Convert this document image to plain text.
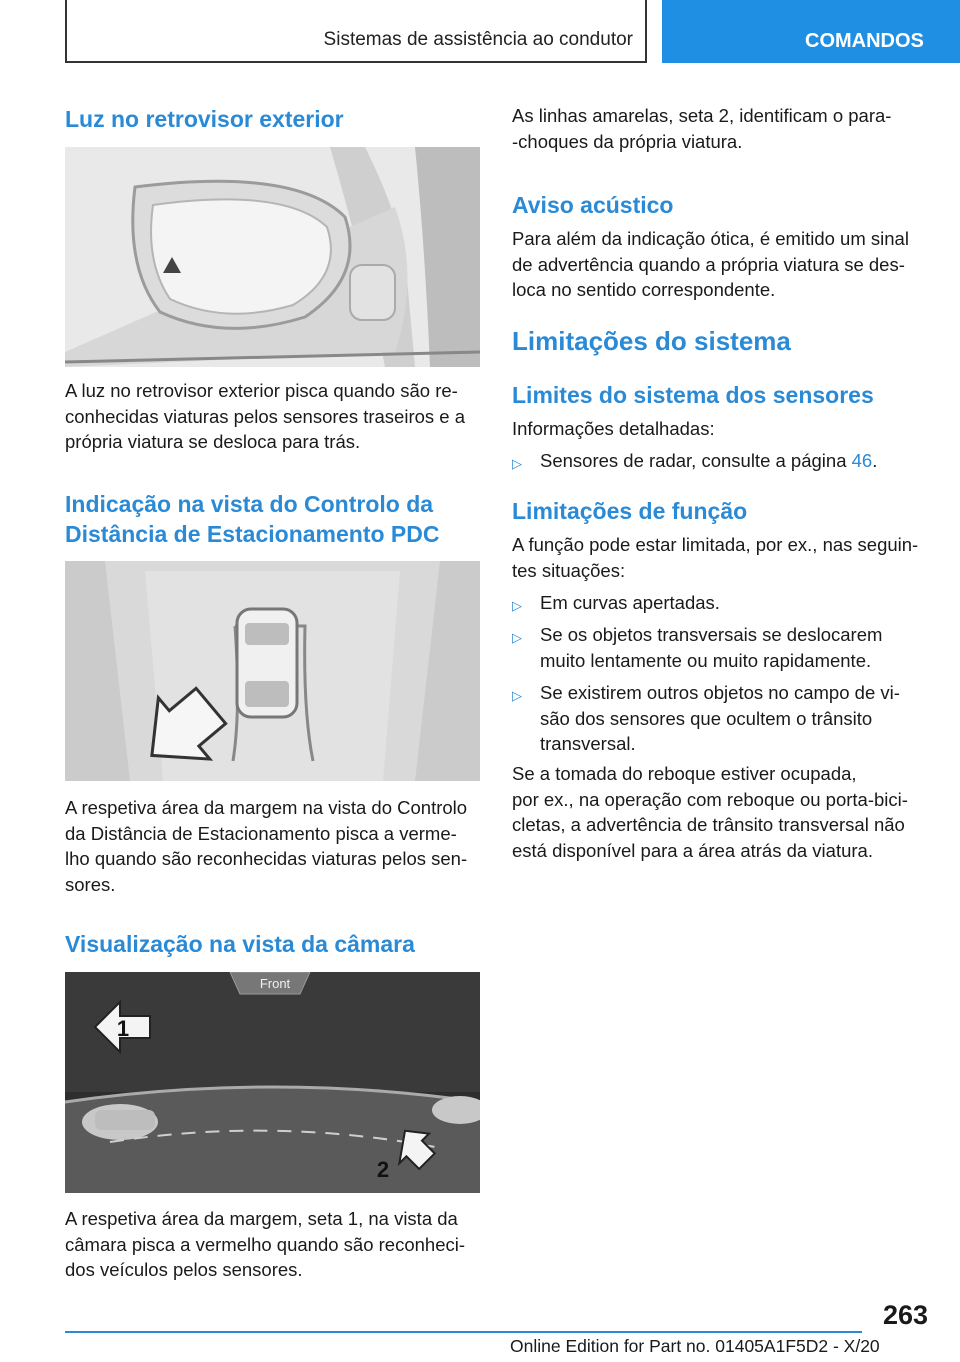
Sistemas de assistência ao condutor	COMANDOS
Luz no retrovisor exterior

A luz no retrovisor exterior pisca quando são re-

conhecidas viaturas pelos sensores traseiros e a

própria viatura se desloca para trás.

Indicação na vista do Controlo da
Distância de Estacionamento PDC

A respetiva área da margem na vista do Controlo

da Distância de Estacionamento pisca a verme-

lho quando são reconhecidas viaturas pelos sen-

sores.

Visualização na vista da câmara
Front
1
2

A respetiva área da margem, seta 1, na vista da

câmara pisca a vermelho quando são reconheci-

dos veículos pelos sensores.

As linhas amarelas, seta 2, identificam o para-

-choques da própria viatura.

Aviso acústico

Para além da indicação ótica, é emitido um sinal

de advertência quando a própria viatura se des-

loca no sentido correspondente.

Limitações do sistema
Limites do sistema dos sensores

Informações detalhadas:

▷ Sensores de radar, consulte a página 46.
Limitações de função

A função pode estar limitada, por ex., nas seguin-

tes situações:

▷ Em curvas apertadas.
▷ Se os objetos transversais se deslocarem
muito lentamente ou muito rapidamente.
▷ Se existirem outros objetos no campo de vi-
são dos sensores que ocultem o trânsito
transversal.

Se a tomada do reboque estiver ocupada,

por ex., na operação com reboque ou porta-bici-

cletas, a advertência de trânsito transversal não

está disponível para a área atrás da viatura.

263
Online Edition for Part no. 01405A1F5D2 - X/20
